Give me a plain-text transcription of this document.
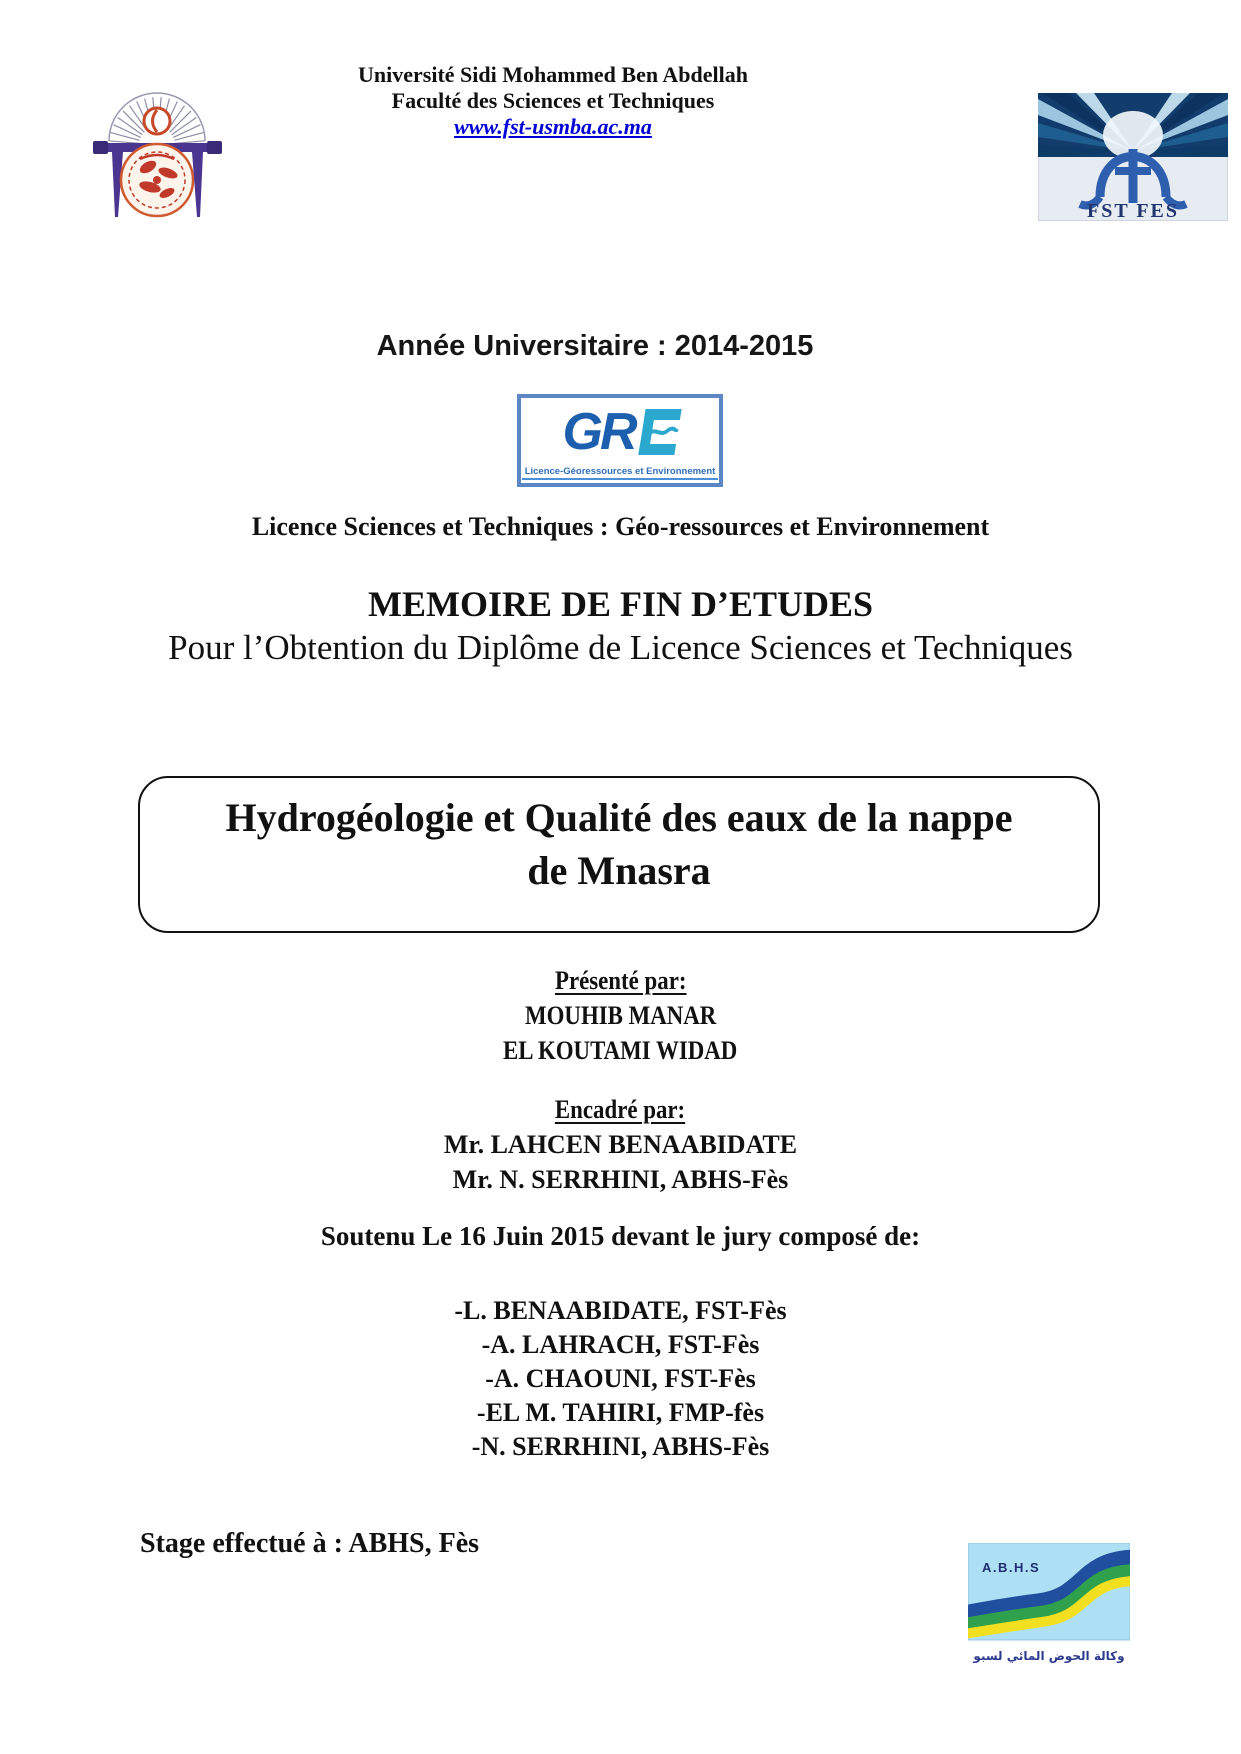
Université Sidi Mohammed Ben Abdellah
Faculté des Sciences et Techniques
www.fst-usmba.ac.ma
FST FES
Année Universitaire : 2014-2015
GR
Licence-Géoressources et Environnement
Licence Sciences et Techniques : Géo-ressources et Environnement
MEMOIRE DE FIN D’ETUDES
Pour l’Obtention du Diplôme de Licence Sciences et Techniques
Hydrogéologie et Qualité des eaux de la nappe
de Mnasra
Présenté par:
MOUHIB MANAR
EL KOUTAMI WIDAD
Encadré par:
Mr. LAHCEN BENAABIDATE
Mr. N. SERRHINI, ABHS-Fès
Soutenu Le 16 Juin 2015 devant le jury composé de:
-L. BENAABIDATE, FST-Fès
-A. LAHRACH, FST-Fès
-A. CHAOUNI, FST-Fès
-EL M. TAHIRI, FMP-fès
-N. SERRHINI, ABHS-Fès
Stage effectué à : ABHS, Fès
A.B.H.S
وكالة الحوض المائي لسبو
